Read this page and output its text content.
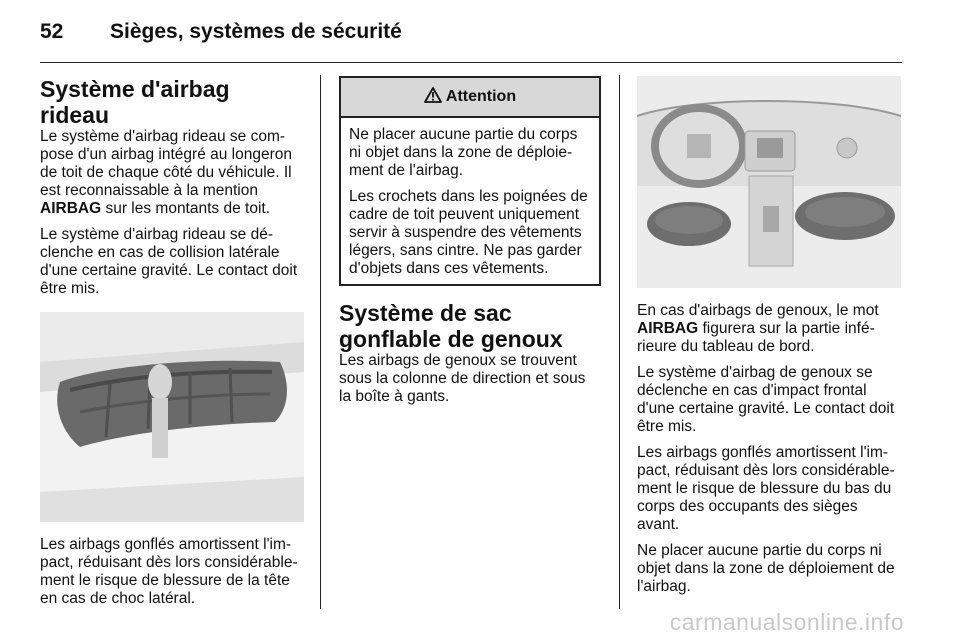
52 Sièges, systèmes de sécurité
Système d'airbag rideau

Le système d'airbag rideau se com-pose d'un airbag intégré au longeron de toit de chaque côté du véhicule. Il est reconnaissable à la mention AIRBAG sur les montants de toit.

Le système d'airbag rideau se dé-clenche en cas de collision latérale d'une certaine gravité. Le contact doit être mis.

Les airbags gonflés amortissent l'im-pact, réduisant dès lors considérable-ment le risque de blessure de la tête en cas de choc latéral.

Attention

Ne placer aucune partie du corps ni objet dans la zone de déploie-ment de l'airbag.

Les crochets dans les poignées de cadre de toit peuvent uniquement servir à suspendre des vêtements légers, sans cintre. Ne pas garder d'objets dans ces vêtements.

Système de sac gonflable de genoux

Les airbags de genoux se trouvent sous la colonne de direction et sous la boîte à gants.

En cas d'airbags de genoux, le mot AIRBAG figurera sur la partie infé-rieure du tableau de bord.

Le système d'airbag de genoux se déclenche en cas d'impact frontal d'une certaine gravité. Le contact doit être mis.

Les airbags gonflés amortissent l'im-pact, réduisant dès lors considérable-ment le risque de blessure du bas du corps des occupants des sièges avant.

Ne placer aucune partie du corps ni objet dans la zone de déploiement de l'airbag.

carmanualsonline.info
